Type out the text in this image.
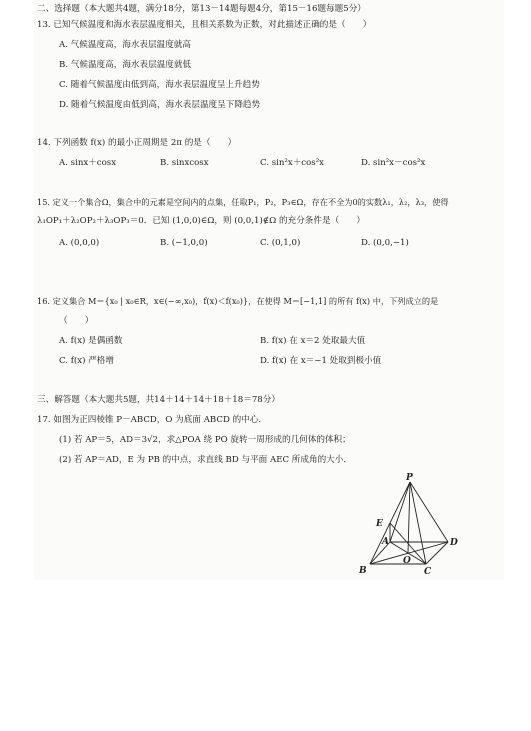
二、选择题（本大题共4题，满分18分，第13－14题每题4分，第15－16题每题5分）
13. 已知气候温度和海水表层温度相关，且相关系数为正数，对此描述正确的是（　　）
A. 气候温度高，海水表层温度就高
B. 气候温度高，海水表层温度就低
C. 随着气候温度由低到高，海水表层温度呈上升趋势
D. 随着气候温度由低到高，海水表层温度呈下降趋势
14. 下列函数 f(x) 的最小正周期是 2π 的是（　　）
A. sinx＋cosx	B. sinxcosx	C. sin²x＋cos²x	D. sin²x－cos²x
15. 定义一个集合Ω，集合中的元素是空间内的点集，任取P₁，P₂，P₃∈Ω，存在不全为0的实数λ₁，λ₂，λ₃，使得
λ₁OP₁＋λ₂OP₂＋λ₃OP₃＝0．已知 (1,0,0)∈Ω，则 (0,0,1)∉Ω 的充分条件是（　　）
A. (0,0,0)	B. (−1,0,0)	C. (0,1,0)	D. (0,0,−1)
16. 定义集合 M＝{x₀ | x₀∈R，x∈(−∞,x₀)，f(x)＜f(x₀)}，在使得 M＝[−1,1] 的所有 f(x) 中，下列成立的是
（　　）
A. f(x) 是偶函数	B. f(x) 在 x＝2 处取最大值
C. f(x) 严格增	D. f(x) 在 x＝−1 处取到极小值
三、解答题（本大题共5题，共14＋14＋14＋18＋18＝78分）
17. 如图为正四棱锥 P－ABCD，O 为底面 ABCD 的中心．
(1) 若 AP＝5，AD＝3√2，求△POA 绕 PO 旋转一周形成的几何体的体积；
(2) 若 AP＝AD，E 为 PB 的中点，求直线 BD 与平面 AEC 所成角的大小．
P
E
A	D
O
B	C
